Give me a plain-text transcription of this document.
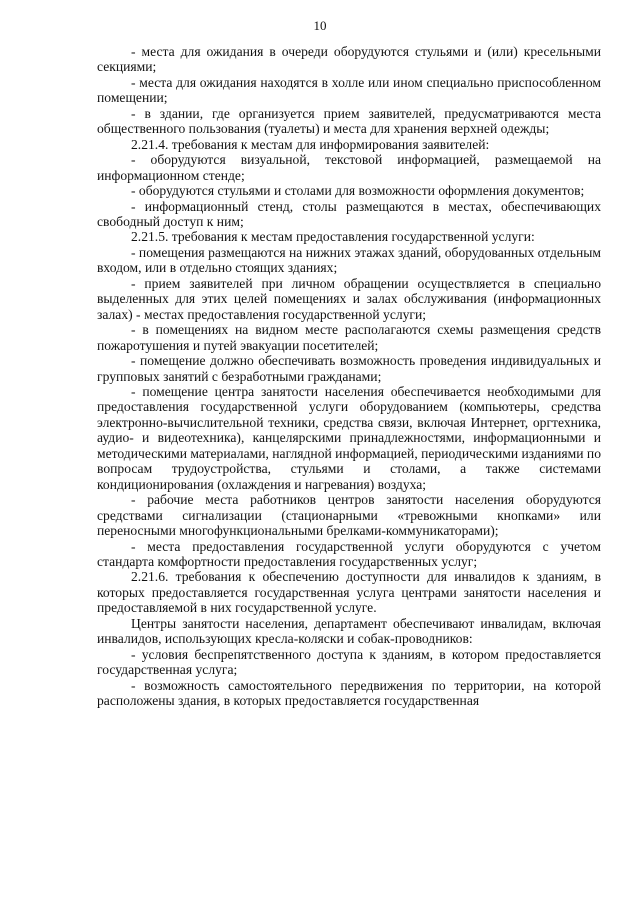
10

- места для ожидания в очереди оборудуются стульями и (или) кресельными секциями;

- места для ожидания находятся в холле или ином специально приспособленном помещении;

- в здании, где организуется прием заявителей, предусматриваются места общественного пользования (туалеты) и места для хранения верхней одежды;

2.21.4. требования к местам для информирования заявителей:

- оборудуются визуальной, текстовой информацией, размещаемой на информационном стенде;

- оборудуются стульями и столами для возможности оформления документов;

- информационный стенд, столы размещаются в местах, обеспечивающих свободный доступ к ним;

2.21.5. требования к местам предоставления государственной услуги:

- помещения размещаются на нижних этажах зданий, оборудованных отдельным входом, или в отдельно стоящих зданиях;

- прием заявителей при личном обращении осуществляется в специально выделенных для этих целей помещениях и залах обслуживания (информационных залах) - местах предоставления государственной услуги;

- в помещениях на видном месте располагаются схемы размещения средств пожаротушения и путей эвакуации посетителей;

- помещение должно обеспечивать возможность проведения индивидуальных и групповых занятий с безработными гражданами;

- помещение центра занятости населения обеспечивается необходимыми для предоставления государственной услуги оборудованием (компьютеры, средства электронно-вычислительной техники, средства связи, включая Интернет, оргтехника, аудио- и видеотехника), канцелярскими принадлежностями, информационными и методическими материалами, наглядной информацией, периодическими изданиями по вопросам трудоустройства, стульями и столами, а также системами кондиционирования (охлаждения и нагревания) воздуха;

- рабочие места работников центров занятости населения оборудуются средствами сигнализации (стационарными «тревожными кнопками» или переносными многофункциональными брелками-коммуникаторами);

- места предоставления государственной услуги оборудуются с учетом стандарта комфортности предоставления государственных услуг;

2.21.6. требования к обеспечению доступности для инвалидов к зданиям, в которых предоставляется государственная услуга центрами занятости населения и предоставляемой в них государственной услуге.

Центры занятости населения, департамент обеспечивают инвалидам, включая инвалидов, использующих кресла-коляски и собак-проводников:

- условия беспрепятственного доступа к зданиям, в котором предоставляется государственная услуга;

- возможность самостоятельного передвижения по территории, на которой расположены здания, в которых предоставляется государственная
